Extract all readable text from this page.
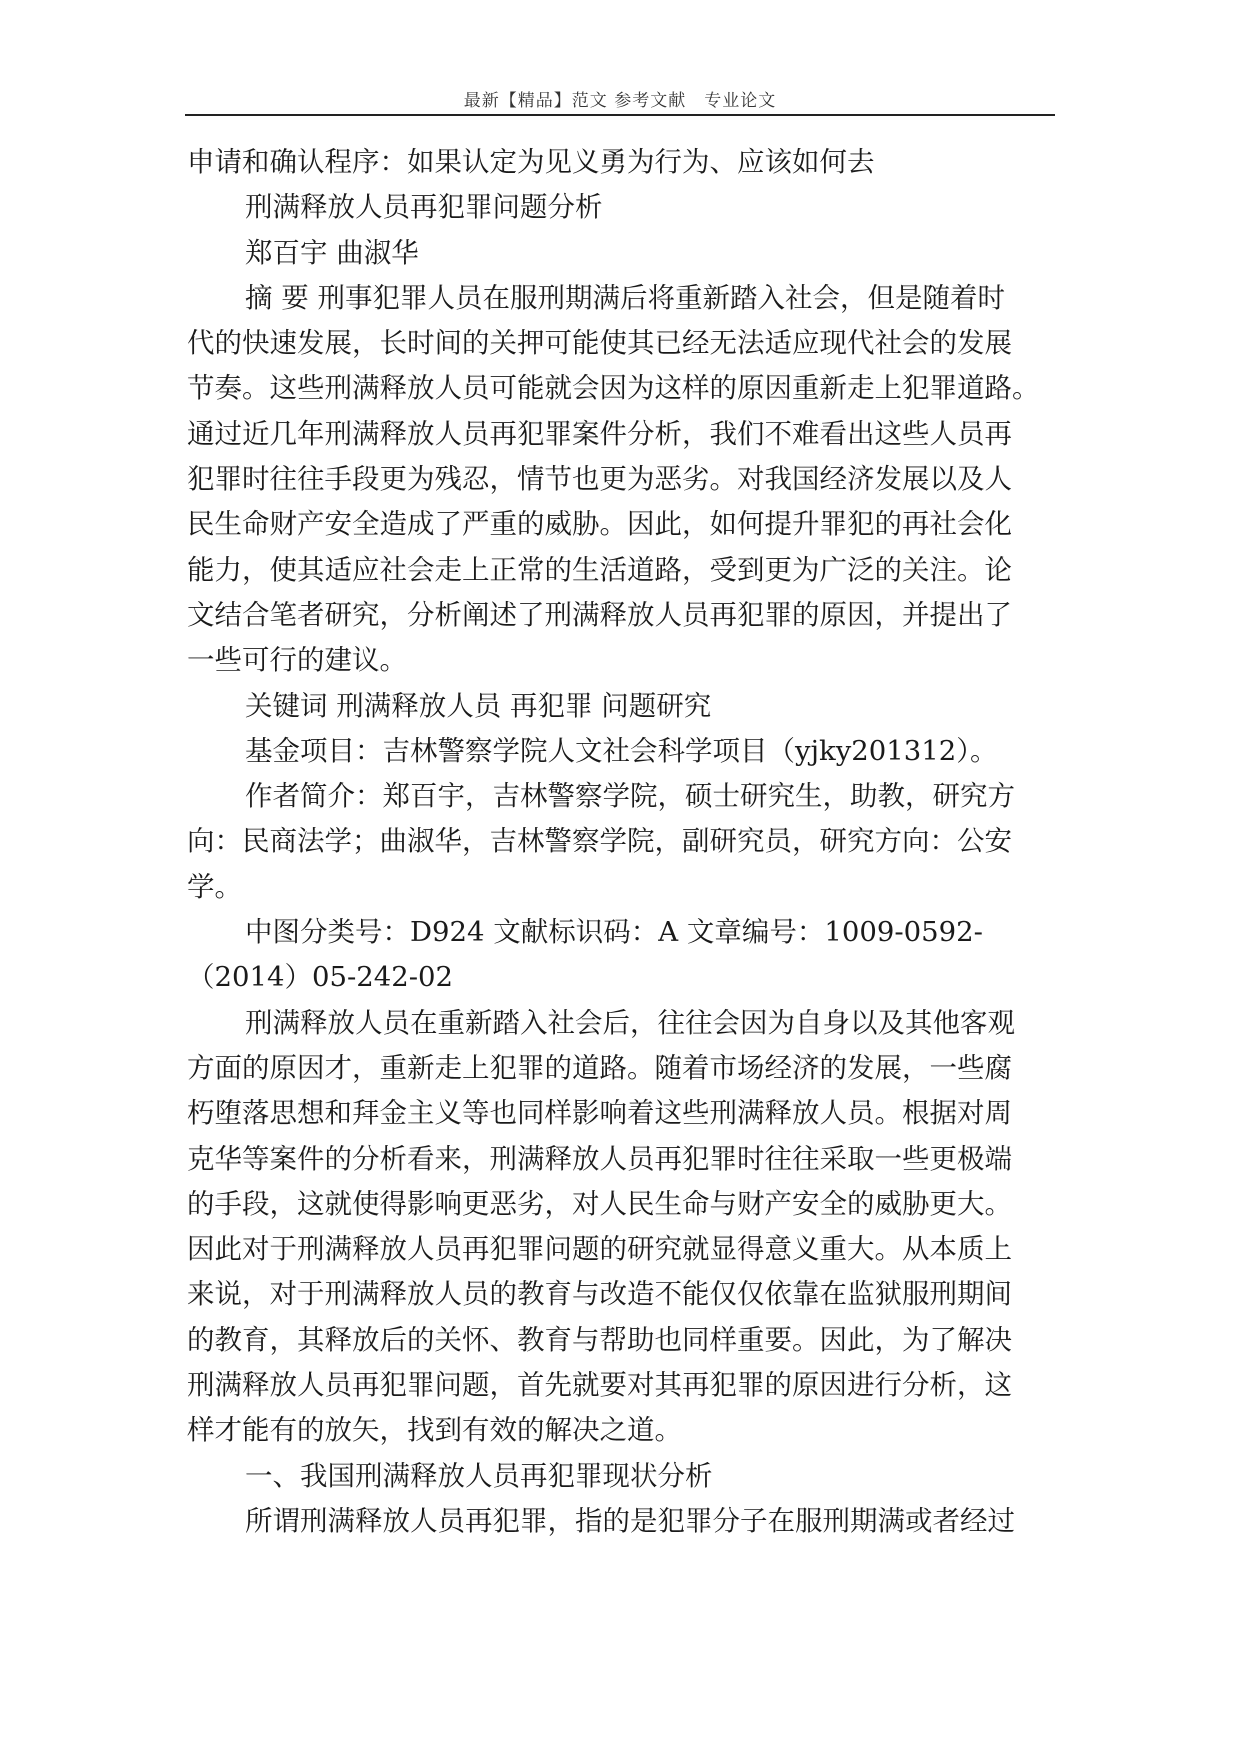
最新【精品】范文 参考文献　专业论文
申请和确认程序：如果认定为见义勇为行为、应该如何去
刑满释放人员再犯罪问题分析
郑百宇 曲淑华
摘 要 刑事犯罪人员在服刑期满后将重新踏入社会，但是随着时
代的快速发展，长时间的关押可能使其已经无法适应现代社会的发展
节奏。这些刑满释放人员可能就会因为这样的原因重新走上犯罪道路。
通过近几年刑满释放人员再犯罪案件分析，我们不难看出这些人员再
犯罪时往往手段更为残忍，情节也更为恶劣。对我国经济发展以及人
民生命财产安全造成了严重的威胁。因此，如何提升罪犯的再社会化
能力，使其适应社会走上正常的生活道路，受到更为广泛的关注。论
文结合笔者研究，分析阐述了刑满释放人员再犯罪的原因，并提出了
一些可行的建议。
关键词 刑满释放人员 再犯罪 问题研究
基金项目：吉林警察学院人文社会科学项目（yjky201312）。
作者简介：郑百宇，吉林警察学院，硕士研究生，助教，研究方
向：民商法学；曲淑华，吉林警察学院，副研究员，研究方向：公安
学。
中图分类号：D924 文献标识码：A 文章编号：1009-0592-
（2014）05-242-02
刑满释放人员在重新踏入社会后，往往会因为自身以及其他客观
方面的原因才，重新走上犯罪的道路。随着市场经济的发展，一些腐
朽堕落思想和拜金主义等也同样影响着这些刑满释放人员。根据对周
克华等案件的分析看来，刑满释放人员再犯罪时往往采取一些更极端
的手段，这就使得影响更恶劣，对人民生命与财产安全的威胁更大。
因此对于刑满释放人员再犯罪问题的研究就显得意义重大。从本质上
来说，对于刑满释放人员的教育与改造不能仅仅依靠在监狱服刑期间
的教育，其释放后的关怀、教育与帮助也同样重要。因此，为了解决
刑满释放人员再犯罪问题，首先就要对其再犯罪的原因进行分析，这
样才能有的放矢，找到有效的解决之道。
一、我国刑满释放人员再犯罪现状分析
所谓刑满释放人员再犯罪，指的是犯罪分子在服刑期满或者经过
